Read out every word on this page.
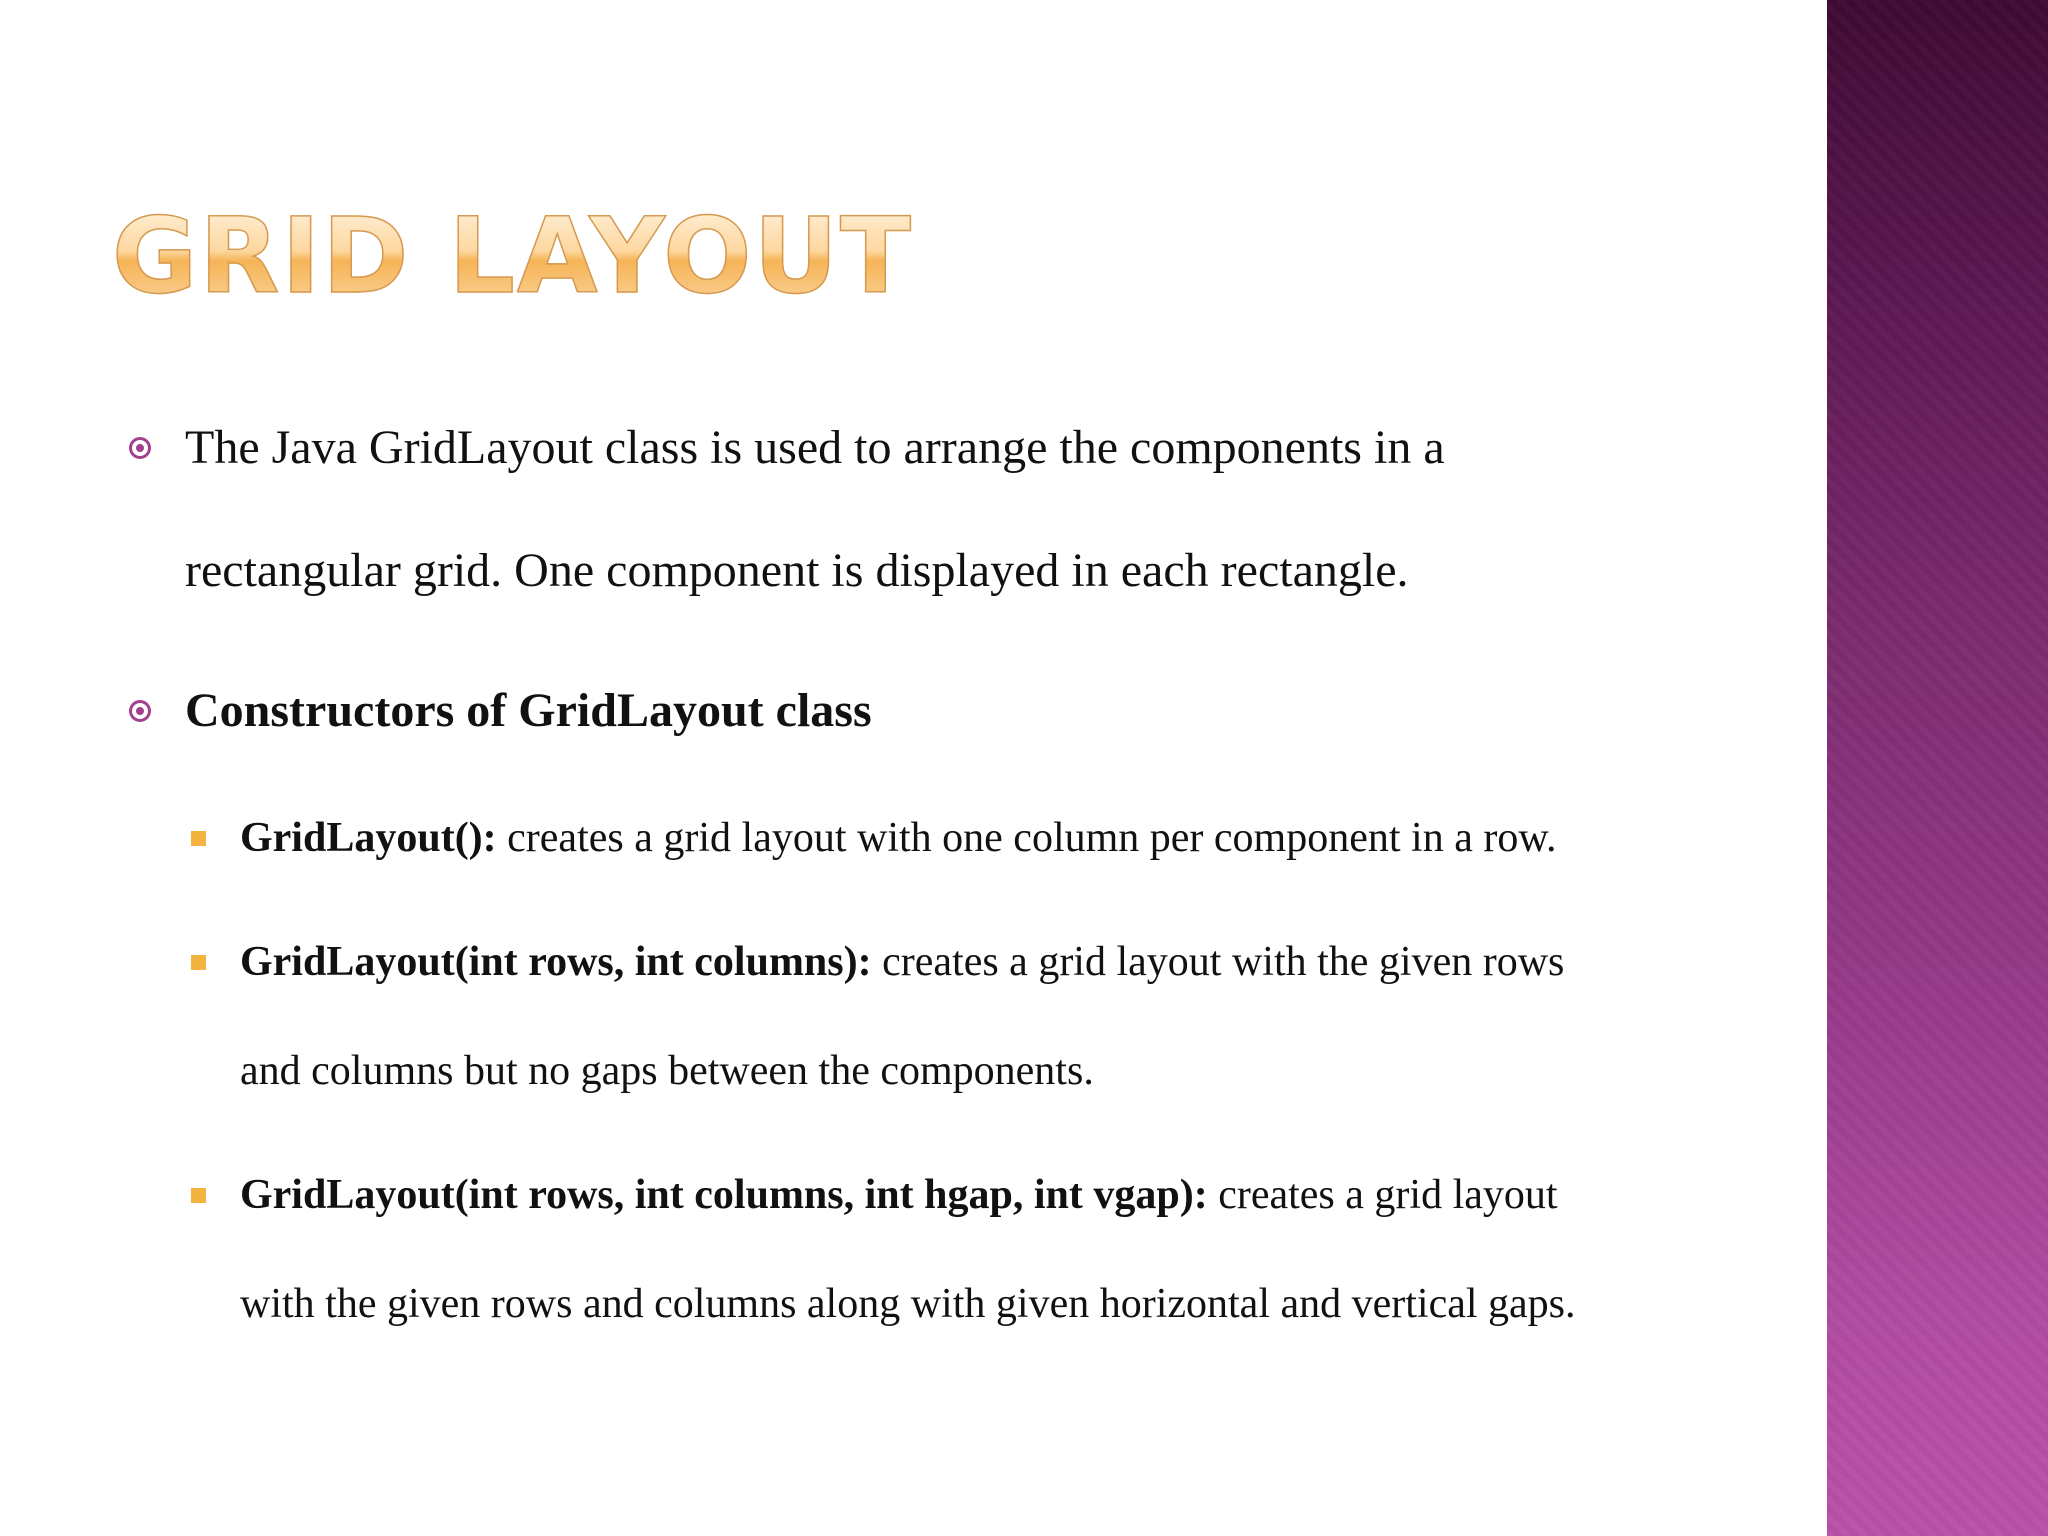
GRID LAYOUT
The Java GridLayout class is used to arrange the components in a
rectangular grid. One component is displayed in each rectangle.
Constructors of GridLayout class
GridLayout(): creates a grid layout with one column per component in a row.
GridLayout(int rows, int columns): creates a grid layout with the given rows
and columns but no gaps between the components.
GridLayout(int rows, int columns, int hgap, int vgap): creates a grid layout
with the given rows and columns along with given horizontal and vertical gaps.
